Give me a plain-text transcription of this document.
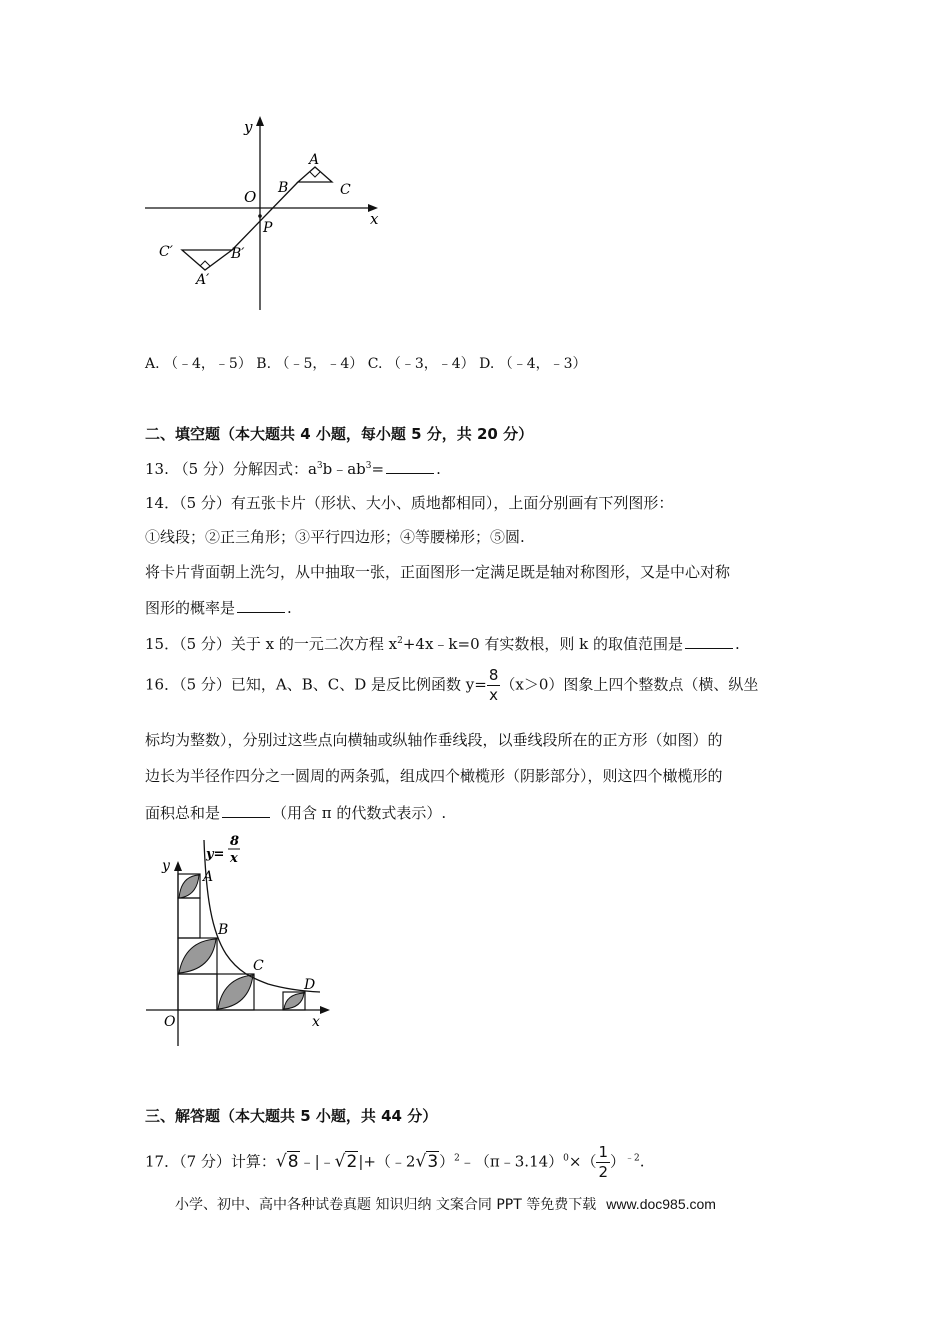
y
x
O
A
B	C
P
C′	B′
A′
A. （﹣4，﹣5） B. （﹣5，﹣4） C. （﹣3，﹣4） D. （﹣4，﹣3）
二、填空题（本大题共 4 小题，每小题 5 分，共 20 分）
13. （5 分）分解因式：$a^3b﹣ab^3=$	.
14．（5 分）有五张卡片（形状、大小、质地都相同），上面分别画有下列图形：
①线段；②正三角形；③平行四边形；④等腰梯形；⑤圆.
将卡片背面朝上洗匀，从中抽取一张，正面图形一定满足既是轴对称图形，又是中心对称
图形的概率是	.
15．（5 分）关于 x 的一元二次方程 $x^2+4x﹣k=0$ 有实数根，则 k 的取值范围是	.
16．（5 分）已知，A、B、C、D 是反比例函数 $y= \frac{8}{x} (x>0)$图象上四个整数点（横、纵坐
标均为整数），分别过这些点向横轴或纵轴作垂线段，以垂线段所在的正方形（如图）的
边长为半径作四分之一圆周的两条弧，组成四个橄榄形（阴影部分），则这四个橄榄形的
面积总和是	（用含 π 的代数式表示）.
y
x
O
y=
8
x
A
B
C
D
三、解答题（本大题共 5 小题，共 44 分）
17．（7 分）计算：√8﹣|﹣√2|+（﹣2√3）$^2$﹣（π﹣3.14）$^0$×（ $\frac{1}{2} )^{﹣2}$.
小学、初中、高中各种试卷真题 知识归纳 文案合同 PPT 等免费下载 www.doc985.com
